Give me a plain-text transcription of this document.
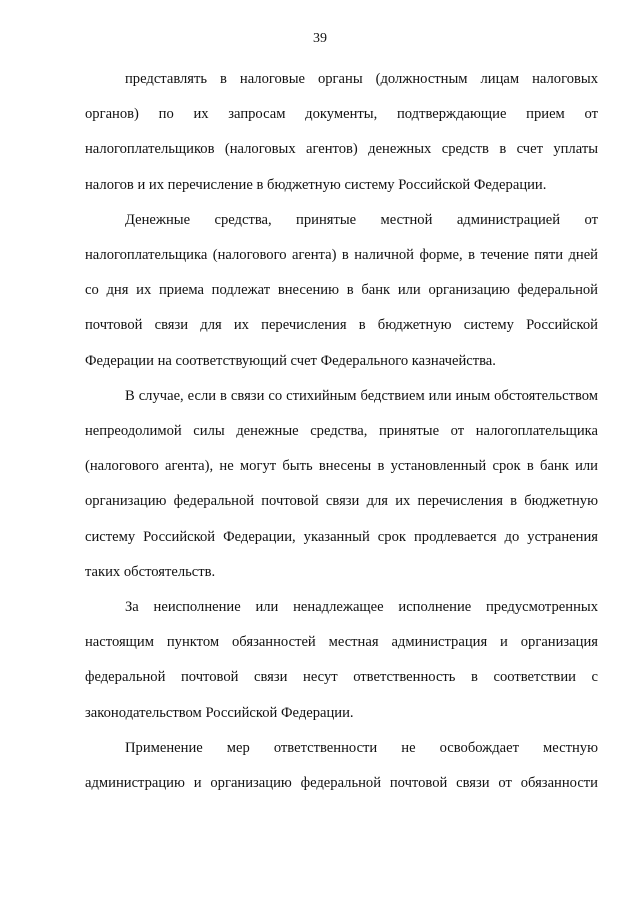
39

представлять в налоговые органы (должностным лицам налоговых органов) по их запросам документы, подтверждающие прием от налогоплательщиков (налоговых агентов) денежных средств в счет уплаты налогов и их перечисление в бюджетную систему Российской Федерации.

Денежные средства, принятые местной администрацией от налогоплательщика (налогового агента) в наличной форме, в течение пяти дней со дня их приема подлежат внесению в банк или организацию федеральной почтовой связи для их перечисления в бюджетную систему Российской Федерации на соответствующий счет Федерального казначейства.

В случае, если в связи со стихийным бедствием или иным обстоятельством непреодолимой силы денежные средства, принятые от налогоплательщика (налогового агента), не могут быть внесены в установленный срок в банк или организацию федеральной почтовой связи для их перечисления в бюджетную систему Российской Федерации, указанный срок продлевается до устранения таких обстоятельств.

За неисполнение или ненадлежащее исполнение предусмотренных настоящим пунктом обязанностей местная администрация и организация федеральной почтовой связи несут ответственность в соответствии с законодательством Российской Федерации.

Применение мер ответственности не освобождает местную администрацию и организацию федеральной почтовой связи от обязанности
